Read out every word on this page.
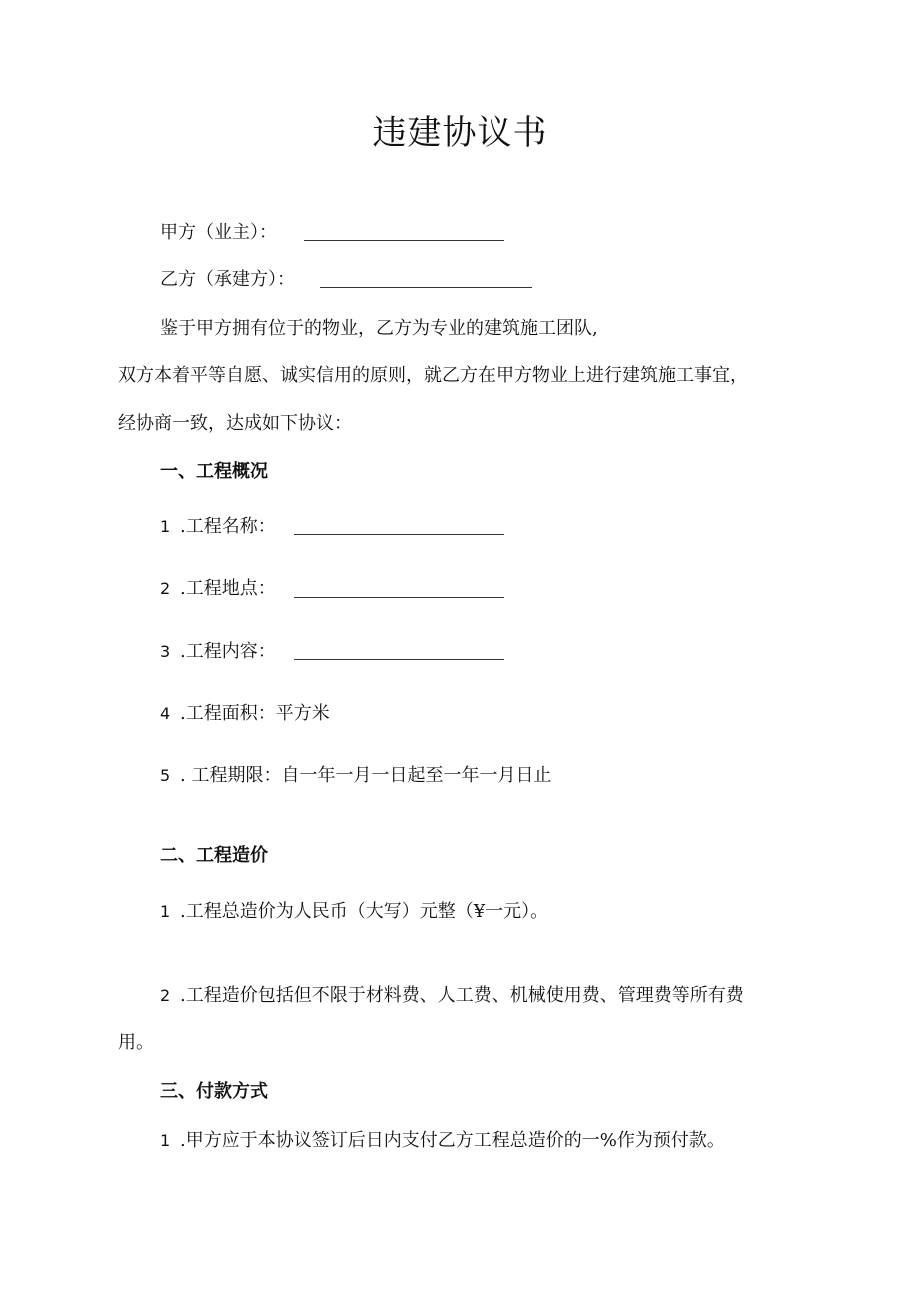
违建协议书
甲方（业主）：
乙方（承建方）：
鉴于甲方拥有位于的物业，乙方为专业的建筑施工团队,
双方本着平等自愿、诚实信用的原则，就乙方在甲方物业上进行建筑施工事宜，
经协商一致，达成如下协议：
一、工程概况
1 .工程名称：
2 .工程地点：
3 .工程内容：
4 .工程面积：平方米
5 . 工程期限：自一年一月一日起至一年一月日止
二、工程造价
1 .工程总造价为人民币（大写）元整（¥一元）。
2 .工程造价包括但不限于材料费、人工费、机械使用费、管理费等所有费
用。
三、付款方式
1 .甲方应于本协议签订后日内支付乙方工程总造价的一%作为预付款。
